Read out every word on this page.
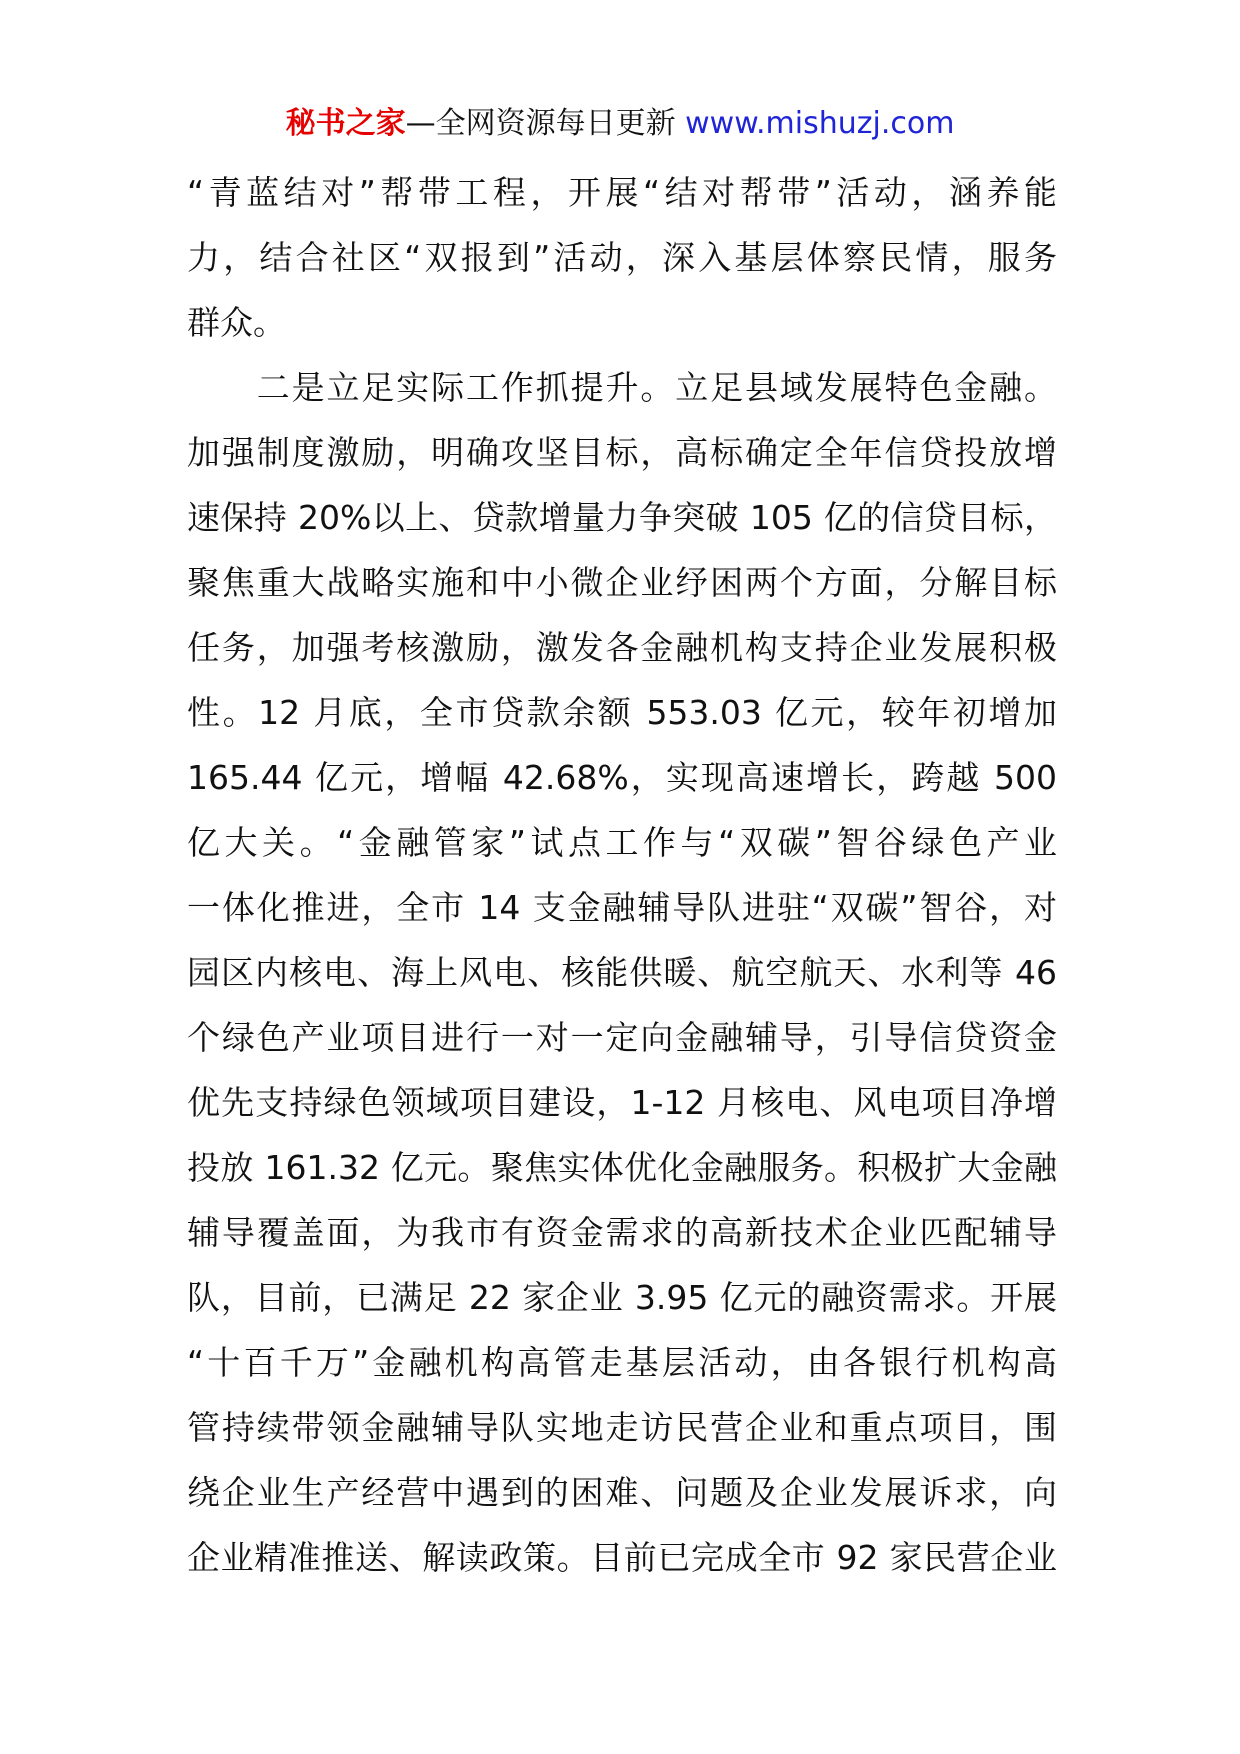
秘书之家—全网资源每日更新 www.mishuzj.com
“青蓝结对”帮带工程，开展“结对帮带”活动，涵养能
力，结合社区“双报到”活动，深入基层体察民情，服务
群众。
　　二是立足实际工作抓提升。立足县域发展特色金融。
加强制度激励，明确攻坚目标，高标确定全年信贷投放增
速保持 20%以上、贷款增量力争突破 105 亿的信贷目标，
聚焦重大战略实施和中小微企业纾困两个方面，分解目标
任务，加强考核激励，激发各金融机构支持企业发展积极
性。12 月底，全市贷款余额 553.03 亿元，较年初增加
165.44 亿元，增幅 42.68%，实现高速增长，跨越 500
亿大关。“金融管家”试点工作与“双碳”智谷绿色产业
一体化推进，全市 14 支金融辅导队进驻“双碳”智谷，对
园区内核电、海上风电、核能供暖、航空航天、水利等 46
个绿色产业项目进行一对一定向金融辅导，引导信贷资金
优先支持绿色领域项目建设，1-12 月核电、风电项目净增
投放 161.32 亿元。聚焦实体优化金融服务。积极扩大金融
辅导覆盖面，为我市有资金需求的高新技术企业匹配辅导
队，目前，已满足 22 家企业 3.95 亿元的融资需求。开展
“十百千万”金融机构高管走基层活动，由各银行机构高
管持续带领金融辅导队实地走访民营企业和重点项目，围
绕企业生产经营中遇到的困难、问题及企业发展诉求，向
企业精准推送、解读政策。目前已完成全市 92 家民营企业
